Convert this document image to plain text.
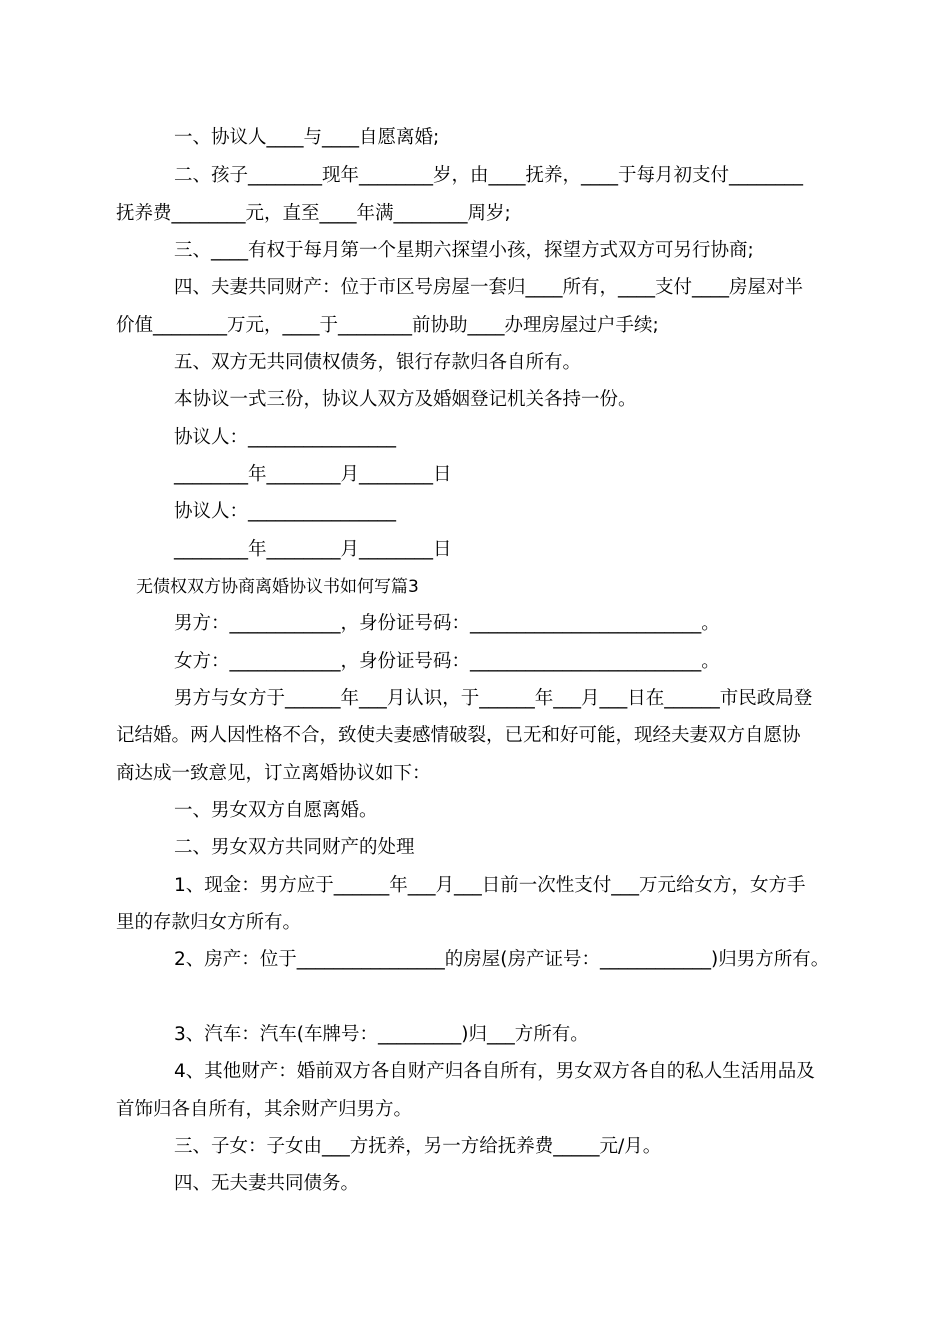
一、协议人____与____自愿离婚;
二、孩子________现年________岁，由____抚养，____于每月初支付________
抚养费________元，直至____年满________周岁;
三、____有权于每月第一个星期六探望小孩，探望方式双方可另行协商;
四、夫妻共同财产：位于市区号房屋一套归____所有，____支付____房屋对半
价值________万元，____于________前协助____办理房屋过户手续;
五、双方无共同债权债务，银行存款归各自所有。
本协议一式三份，协议人双方及婚姻登记机关各持一份。
协议人：________________
________年________月________日
协议人：________________
________年________月________日
无债权双方协商离婚协议书如何写篇3
男方：____________，身份证号码：_________________________。
女方：____________，身份证号码：_________________________。
男方与女方于______年___月认识，于______年___月___日在______市民政局登
记结婚。两人因性格不合，致使夫妻感情破裂，已无和好可能，现经夫妻双方自愿协
商达成一致意见，订立离婚协议如下：
一、男女双方自愿离婚。
二、男女双方共同财产的处理
1、现金：男方应于______年___月___日前一次性支付___万元给女方，女方手
里的存款归女方所有。
2、房产：位于________________的房屋(房产证号：____________)归男方所有。
3、汽车：汽车(车牌号：_________)归___方所有。
4、其他财产：婚前双方各自财产归各自所有，男女双方各自的私人生活用品及
首饰归各自所有，其余财产归男方。
三、子女：子女由___方抚养，另一方给抚养费_____元/月。
四、无夫妻共同债务。
